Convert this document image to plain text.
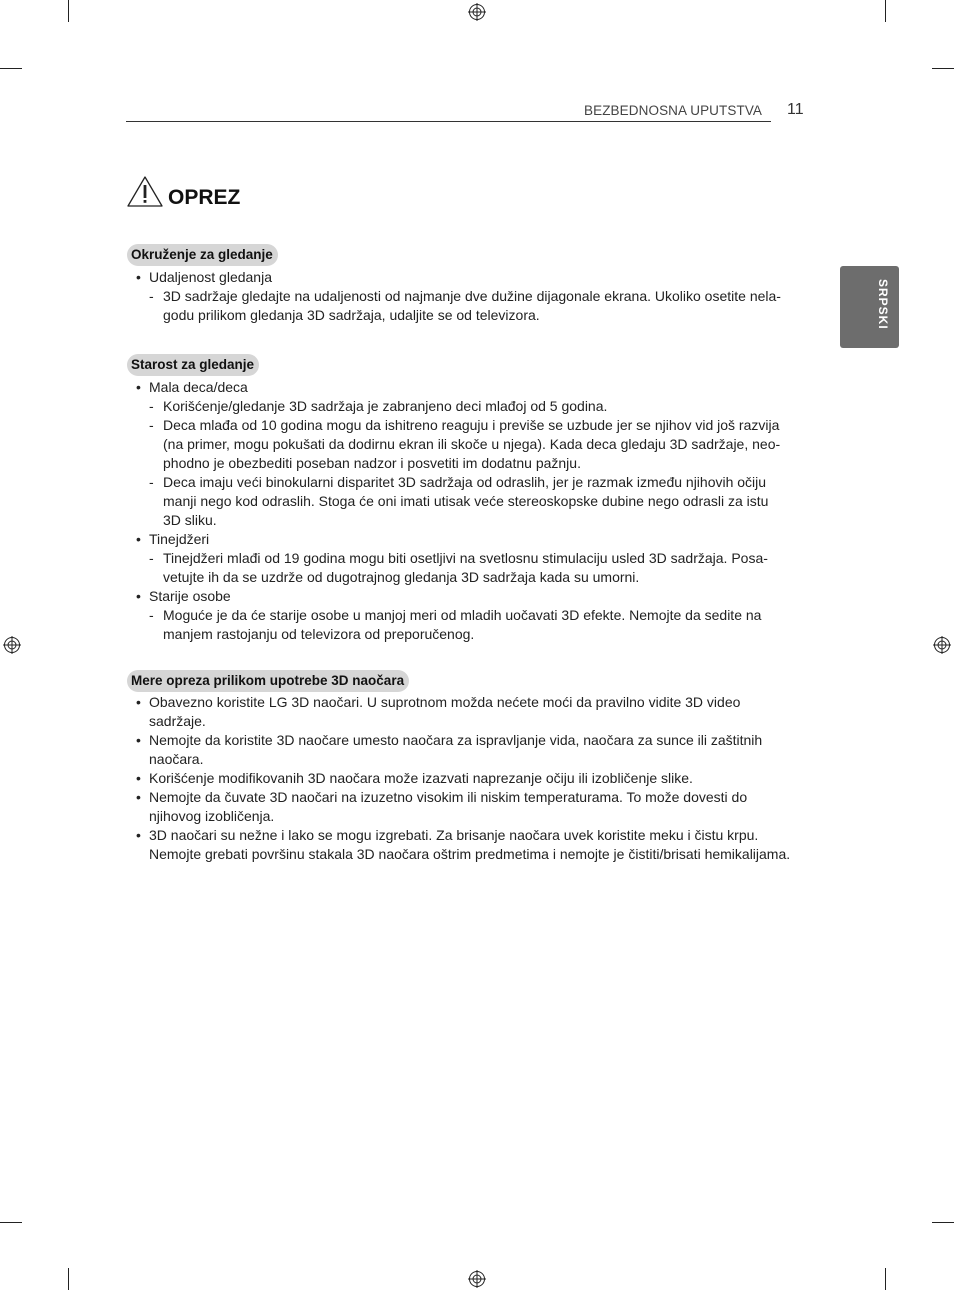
BEZBEDNOSNA UPUTSTVA 11
SRPSKI
OPREZ
Okruženje za gledanje
• Udaljenost gledanja
- 3D sadržaje gledajte na udaljenosti od najmanje dve dužine dijagonale ekrana. Ukoliko osetite nela-
godu prilikom gledanja 3D sadržaja, udaljite se od televizora.
Starost za gledanje
• Mala deca/deca
- Korišćenje/gledanje 3D sadržaja je zabranjeno deci mlađoj od 5 godina.
- Deca mlađa od 10 godina mogu da ishitreno reaguju i previše se uzbude jer se njihov vid još razvija
(na primer, mogu pokušati da dodirnu ekran ili skoče u njega). Kada deca gledaju 3D sadržaje, neo-
phodno je obezbediti poseban nadzor i posvetiti im dodatnu pažnju.
- Deca imaju veći binokularni disparitet 3D sadržaja od odraslih, jer je razmak između njihovih očiju
manji nego kod odraslih. Stoga će oni imati utisak veće stereoskopske dubine nego odrasli za istu
3D sliku.
• Tinejdžeri
- Tinejdžeri mlađi od 19 godina mogu biti osetljivi na svetlosnu stimulaciju usled 3D sadržaja. Posa-
vetujte ih da se uzdrže od dugotrajnog gledanja 3D sadržaja kada su umorni.
• Starije osobe
- Moguće je da će starije osobe u manjoj meri od mladih uočavati 3D efekte. Nemojte da sedite na
manjem rastojanju od televizora od preporučenog.
Mere opreza prilikom upotrebe 3D naočara
• Obavezno koristite LG 3D naočari. U suprotnom možda nećete moći da pravilno vidite 3D video
sadržaje.
• Nemojte da koristite 3D naočare umesto naočara za ispravljanje vida, naočara za sunce ili zaštitnih
naočara.
• Korišćenje modifikovanih 3D naočara može izazvati naprezanje očiju ili izobličenje slike.
• Nemojte da čuvate 3D naočari na izuzetno visokim ili niskim temperaturama. To može dovesti do
njihovog izobličenja.
• 3D naočari su nežne i lako se mogu izgrebati. Za brisanje naočara uvek koristite meku i čistu krpu.
Nemojte grebati površinu stakala 3D naočara oštrim predmetima i nemojte je čistiti/brisati hemikalijama.
